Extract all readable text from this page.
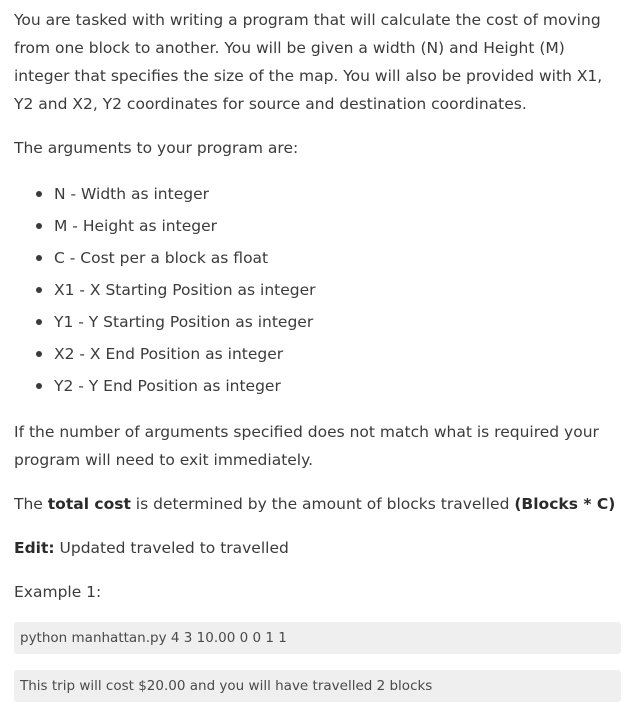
You are tasked with writing a program that will calculate the cost of moving from one block to another. You will be given a width (N) and Height (M) integer that specifies the size of the map. You will also be provided with X1, Y2 and X2, Y2 coordinates for source and destination coordinates.

The arguments to your program are:

N - Width as integer
M - Height as integer
C - Cost per a block as float
X1 - X Starting Position as integer
Y1 - Y Starting Position as integer
X2 - X End Position as integer
Y2 - Y End Position as integer

If the number of arguments specified does not match what is required your program will need to exit immediately.

The total cost is determined by the amount of blocks travelled (Blocks * C)

Edit: Updated traveled to travelled

Example 1:

python manhattan.py 4 3 10.00 0 0 1 1
This trip will cost $20.00 and you will have travelled 2 blocks
